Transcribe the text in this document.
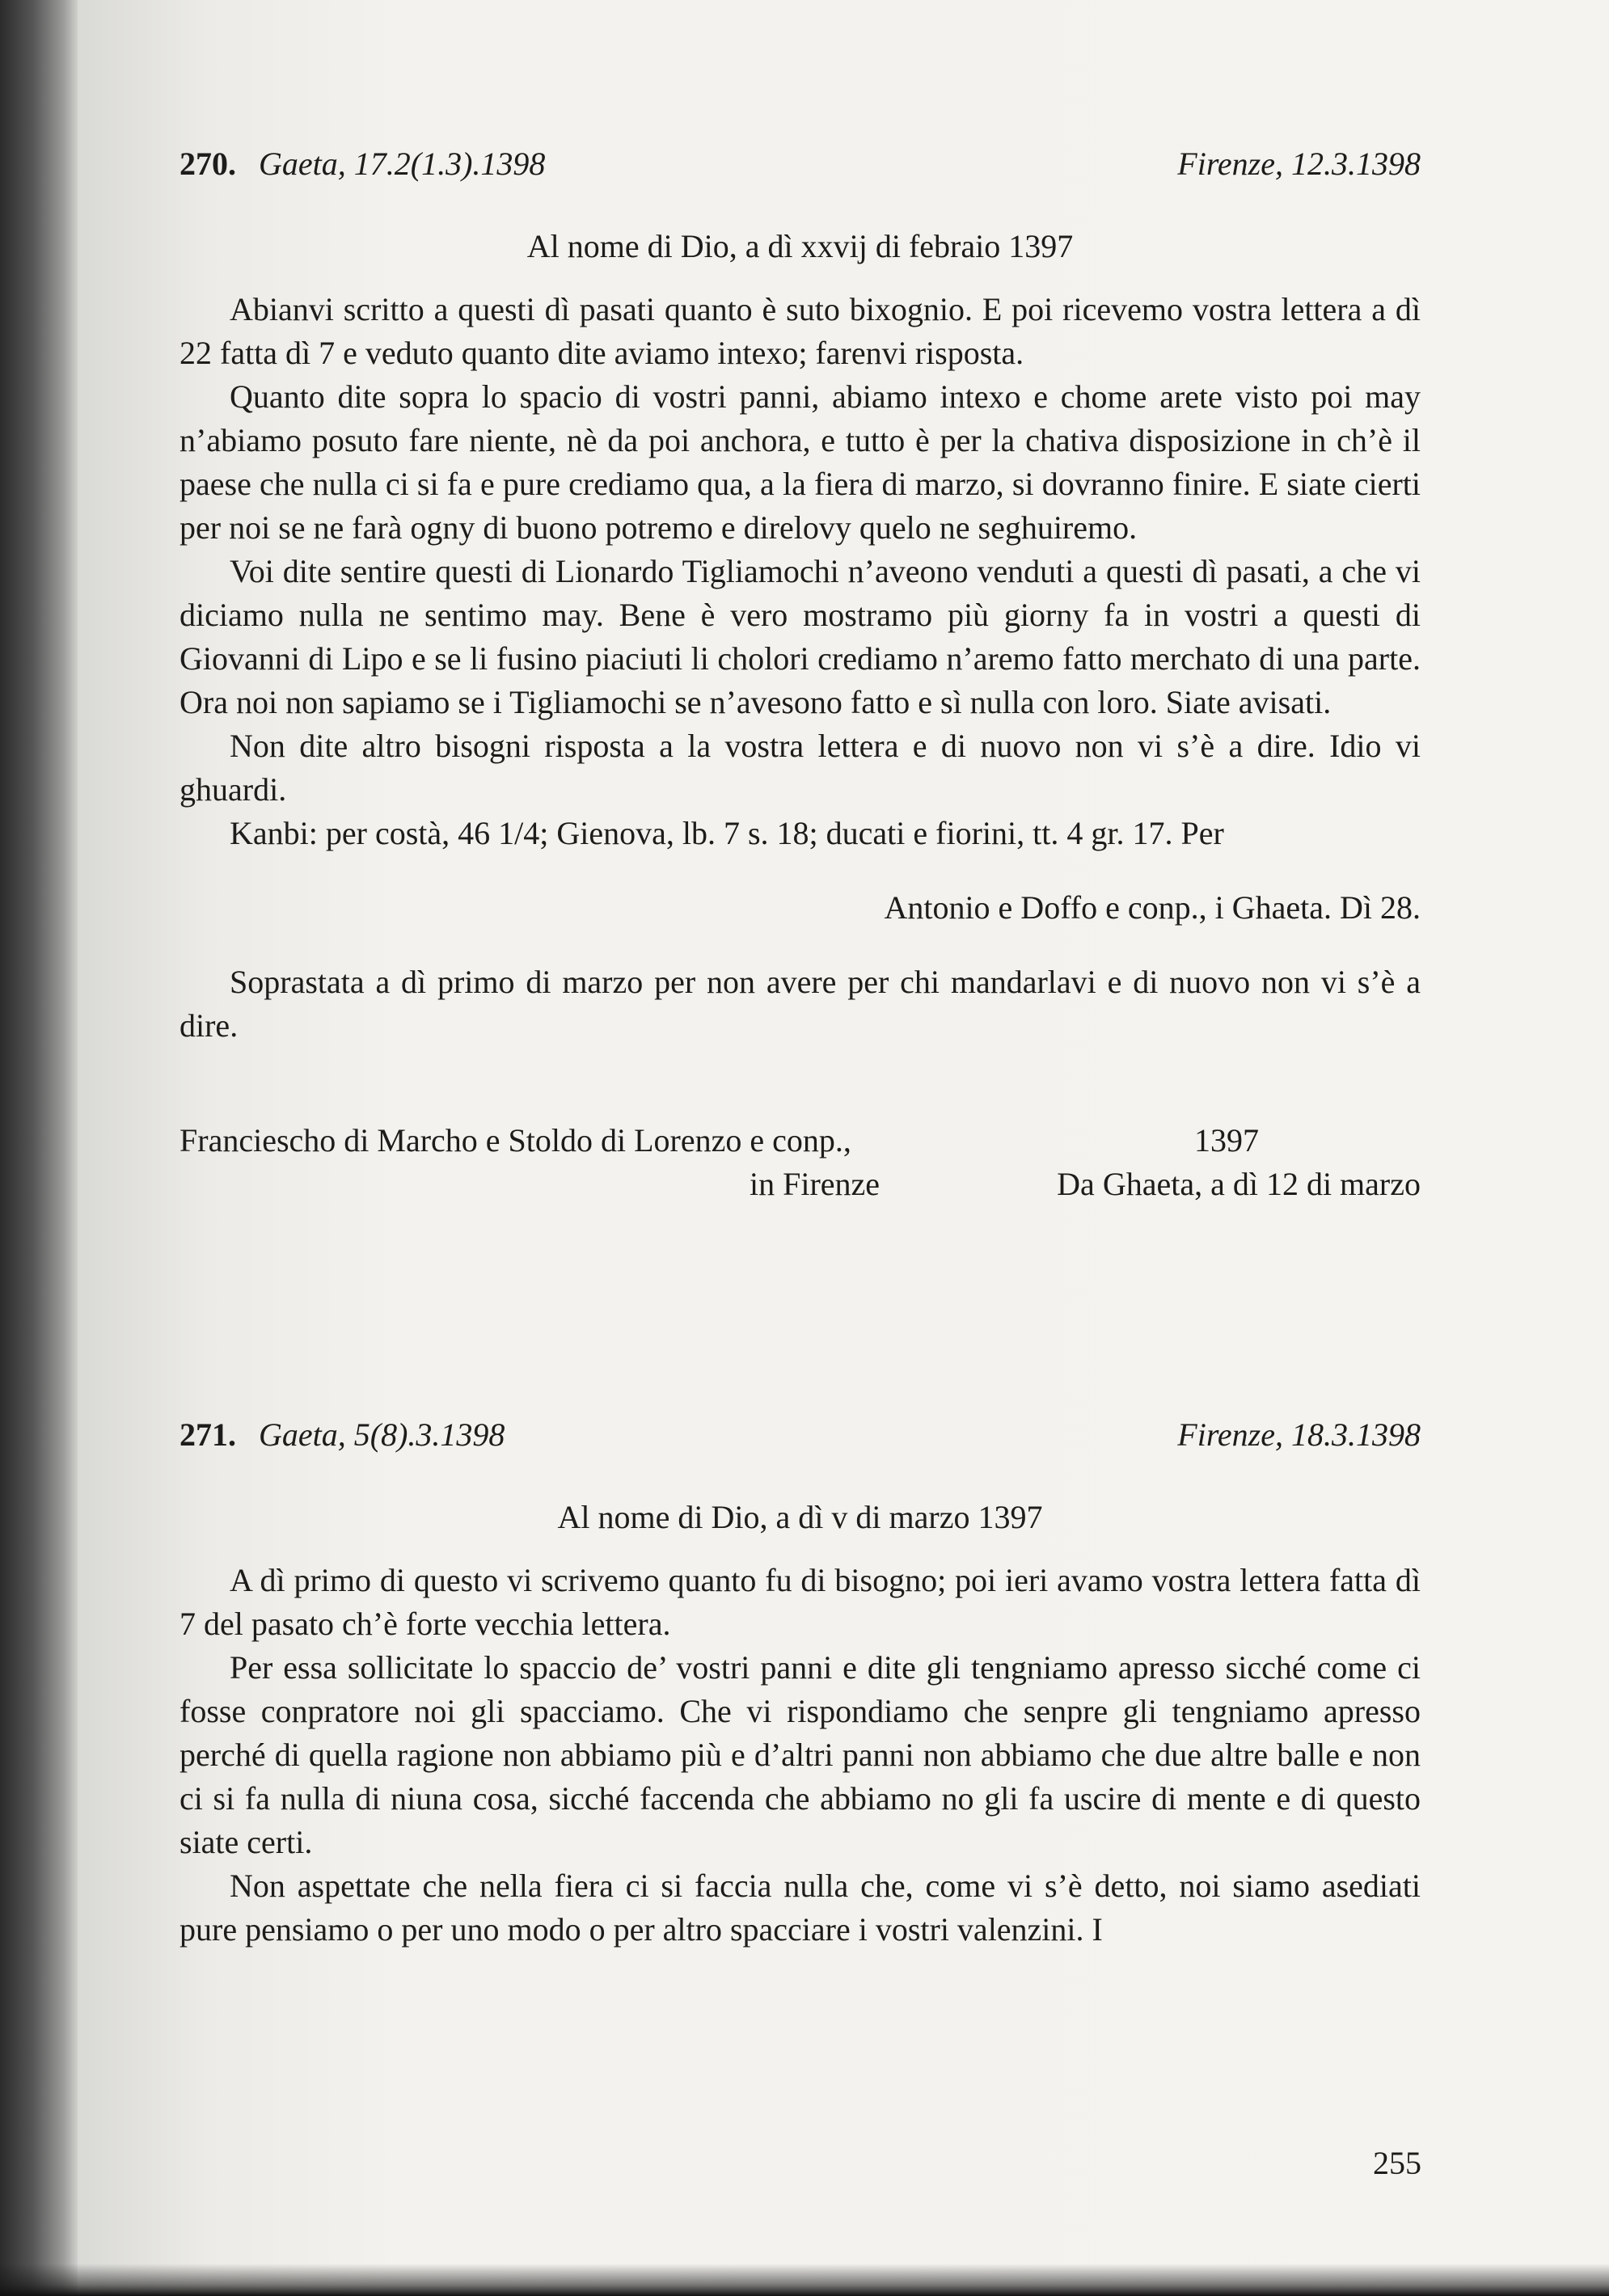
270. Gaeta, 17.2(1.3).1398	Firenze, 12.3.1398
Al nome di Dio, a dì xxvij di febraio 1397

Abianvi scritto a questi dì pasati quanto è suto bixognio. E poi ricevemo vostra lettera a dì 22 fatta dì 7 e veduto quanto dite aviamo intexo; farenvi risposta.

Quanto dite sopra lo spacio di vostri panni, abiamo intexo e chome arete visto poi may n’abiamo posuto fare niente, nè da poi anchora, e tutto è per la chativa disposizione in ch’è il paese che nulla ci si fa e pure crediamo qua, a la fiera di marzo, si dovranno finire. E siate cierti per noi se ne farà ogny di buono potremo e direlovy quelo ne seghuiremo.

Voi dite sentire questi di Lionardo Tigliamochi n’aveono venduti a questi dì pasati, a che vi diciamo nulla ne sentimo may. Bene è vero mostramo più giorny fa in vostri a questi di Giovanni di Lipo e se li fusino piaciuti li cholori crediamo n’aremo fatto merchato di una parte. Ora noi non sapiamo se i Tigliamochi se n’avesono fatto e sì nulla con loro. Siate avisati.

Non dite altro bisogni risposta a la vostra lettera e di nuovo non vi s’è a dire. Idio vi ghuardi.

Kanbi: per costà, 46 1/4; Gienova, lb. 7 s. 18; ducati e fiorini, tt. 4 gr. 17. Per

Antonio e Doffo e conp., i Ghaeta. Dì 28.

Soprastata a dì primo di marzo per non avere per chi mandarlavi e di nuovo non vi s’è a dire.

Franciescho di Marcho e Stoldo di Lorenzo e conp.,	1397
in Firenze	Da Ghaeta, a dì 12 di marzo
271. Gaeta, 5(8).3.1398	Firenze, 18.3.1398
Al nome di Dio, a dì v di marzo 1397

A dì primo di questo vi scrivemo quanto fu di bisogno; poi ieri avamo vostra lettera fatta dì 7 del pasato ch’è forte vecchia lettera.

Per essa sollicitate lo spaccio de’ vostri panni e dite gli tengniamo apresso sicché come ci fosse conpratore noi gli spacciamo. Che vi rispondiamo che senpre gli tengniamo apresso perché di quella ragione non abbiamo più e d’altri panni non abbiamo che due altre balle e non ci si fa nulla di niuna cosa, sicché faccenda che abbiamo no gli fa uscire di mente e di questo siate certi.

Non aspettate che nella fiera ci si faccia nulla che, come vi s’è detto, noi siamo asediati pure pensiamo o per uno modo o per altro spacciare i vostri valenzini. I

255
